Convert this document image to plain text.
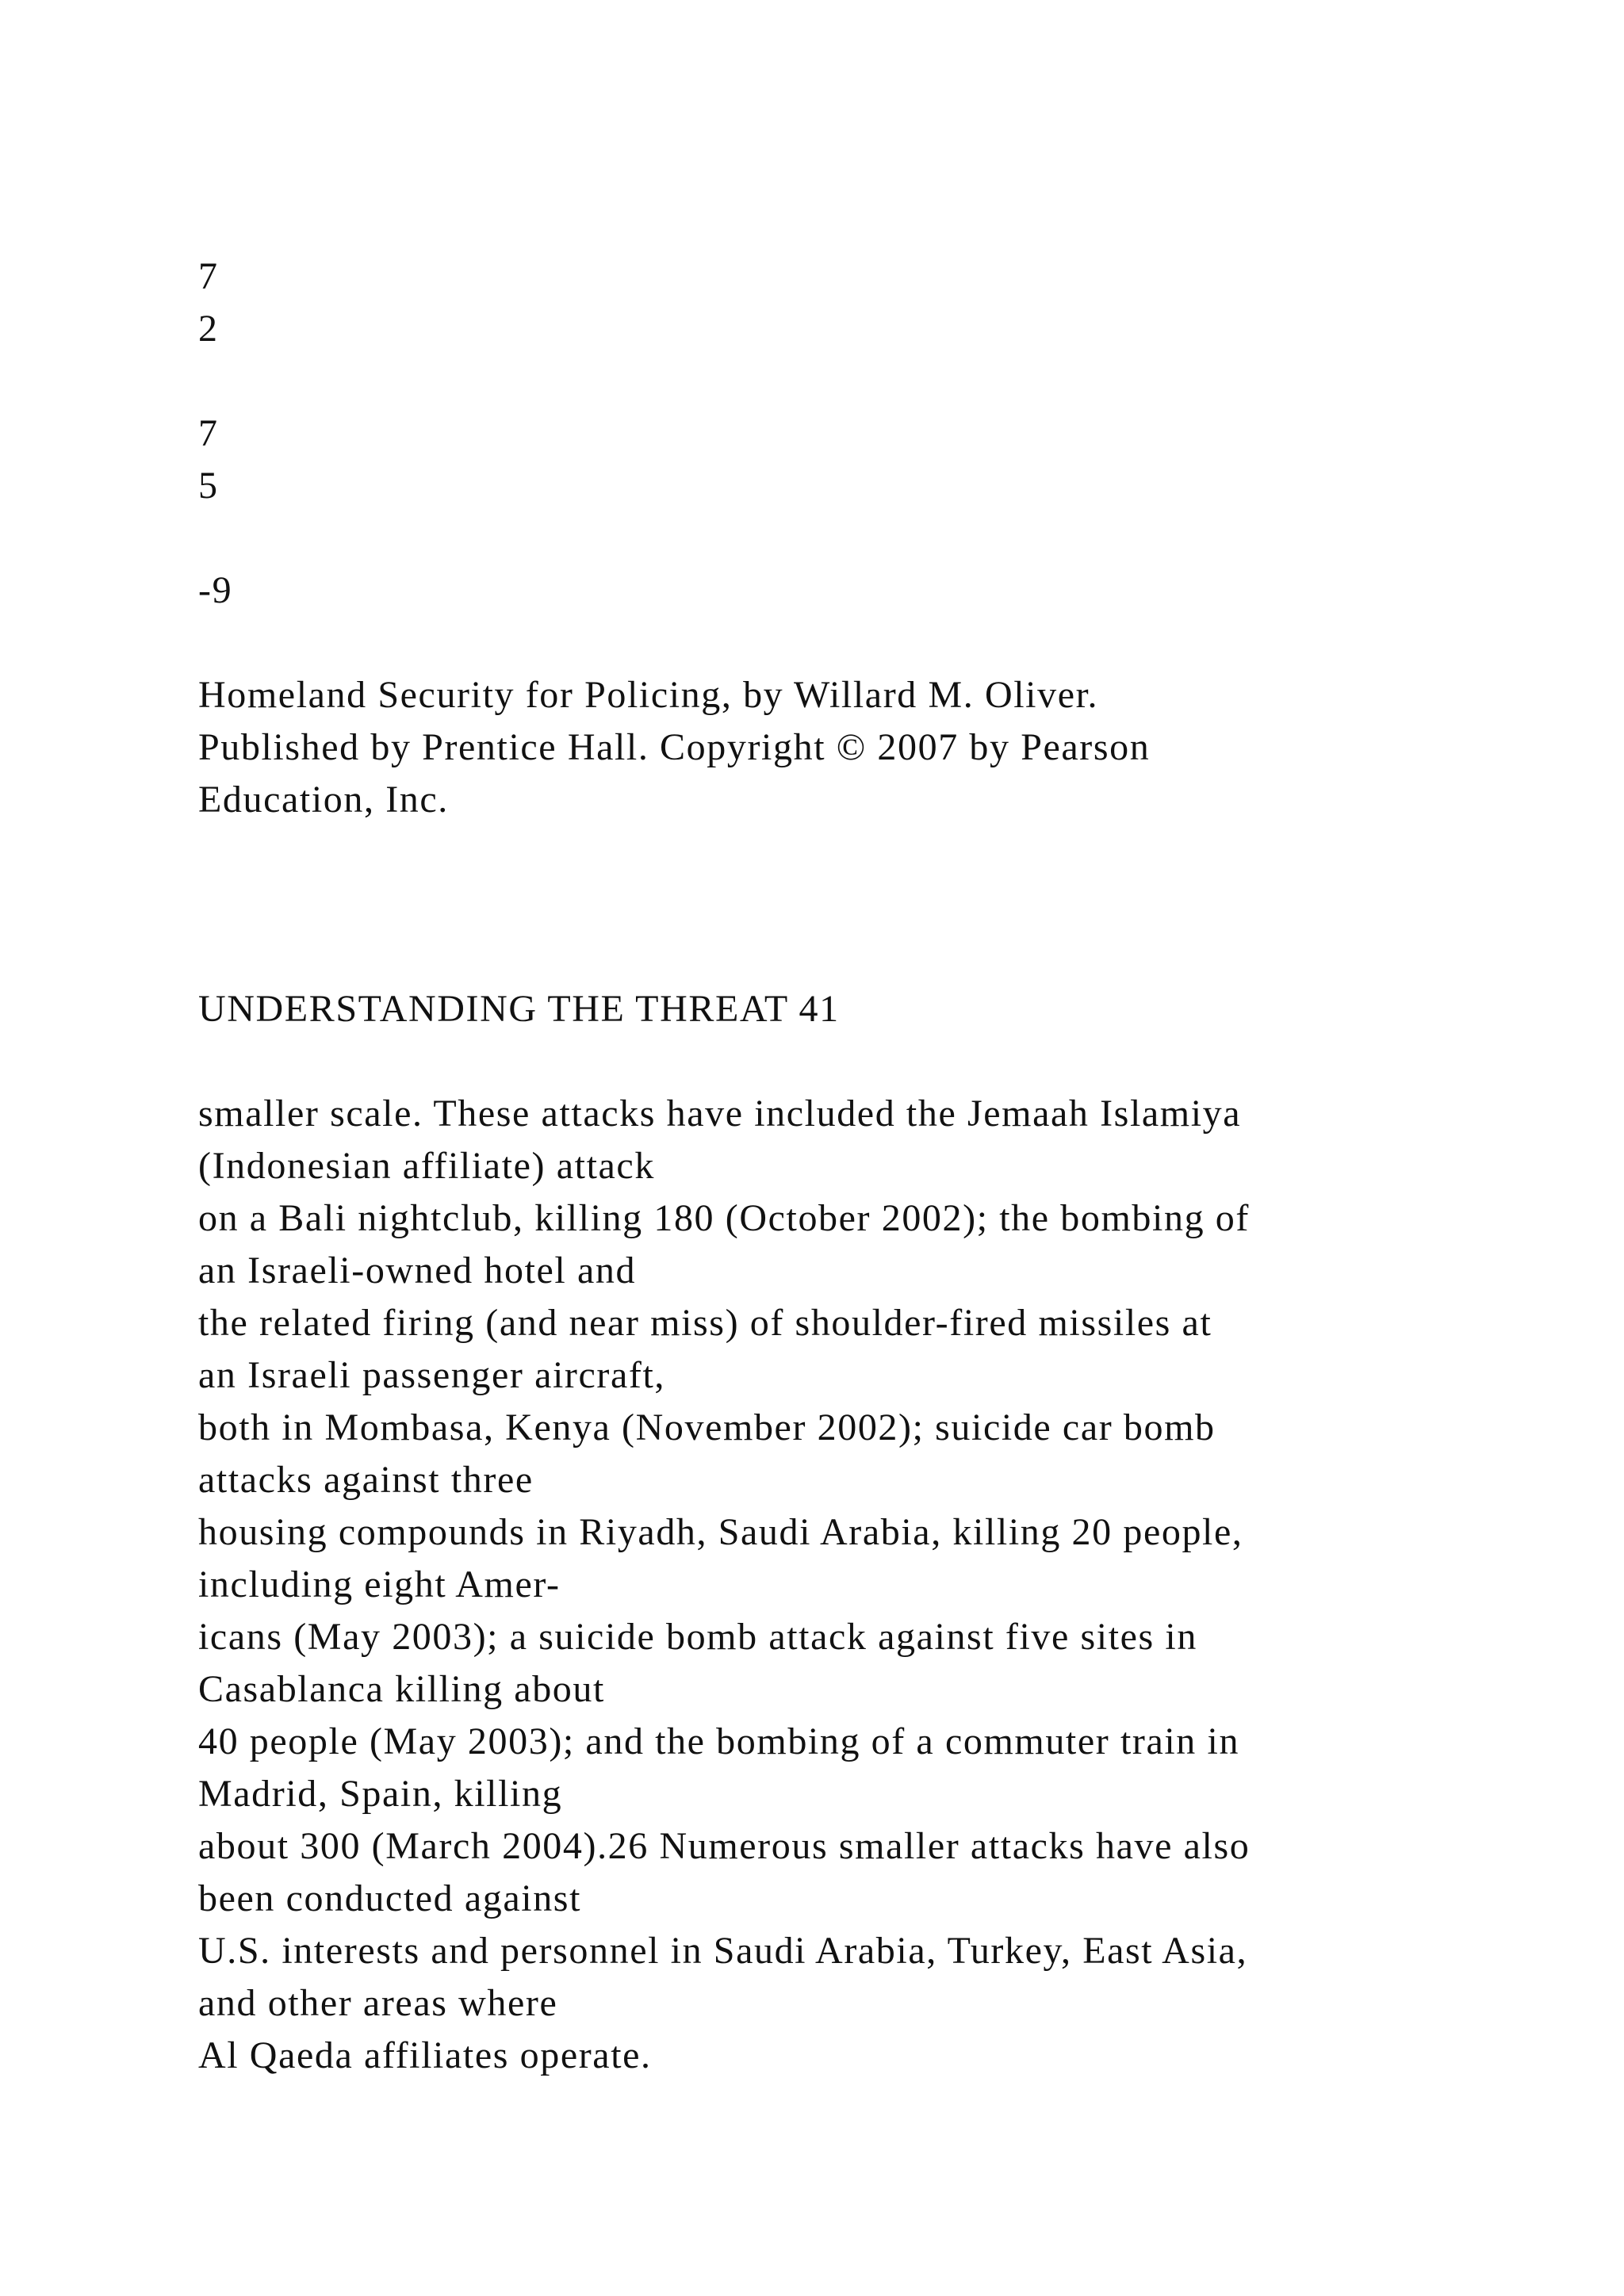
7
2
7
5
-9
Homeland Security for Policing, by Willard M. Oliver.
Published by Prentice Hall. Copyright © 2007 by Pearson
Education, Inc.
UNDERSTANDING THE THREAT 41
smaller scale. These attacks have included the Jemaah Islamiya
(Indonesian affiliate) attack
on a Bali nightclub, killing 180 (October 2002); the bombing of
an Israeli-owned hotel and
the related firing (and near miss) of shoulder-fired missiles at
an Israeli passenger aircraft,
both in Mombasa, Kenya (November 2002); suicide car bomb
attacks against three
housing compounds in Riyadh, Saudi Arabia, killing 20 people,
including eight Amer-
icans (May 2003); a suicide bomb attack against five sites in
Casablanca killing about
40 people (May 2003); and the bombing of a commuter train in
Madrid, Spain, killing
about 300 (March 2004).26 Numerous smaller attacks have also
been conducted against
U.S. interests and personnel in Saudi Arabia, Turkey, East Asia,
and other areas where
Al Qaeda affiliates operate.
